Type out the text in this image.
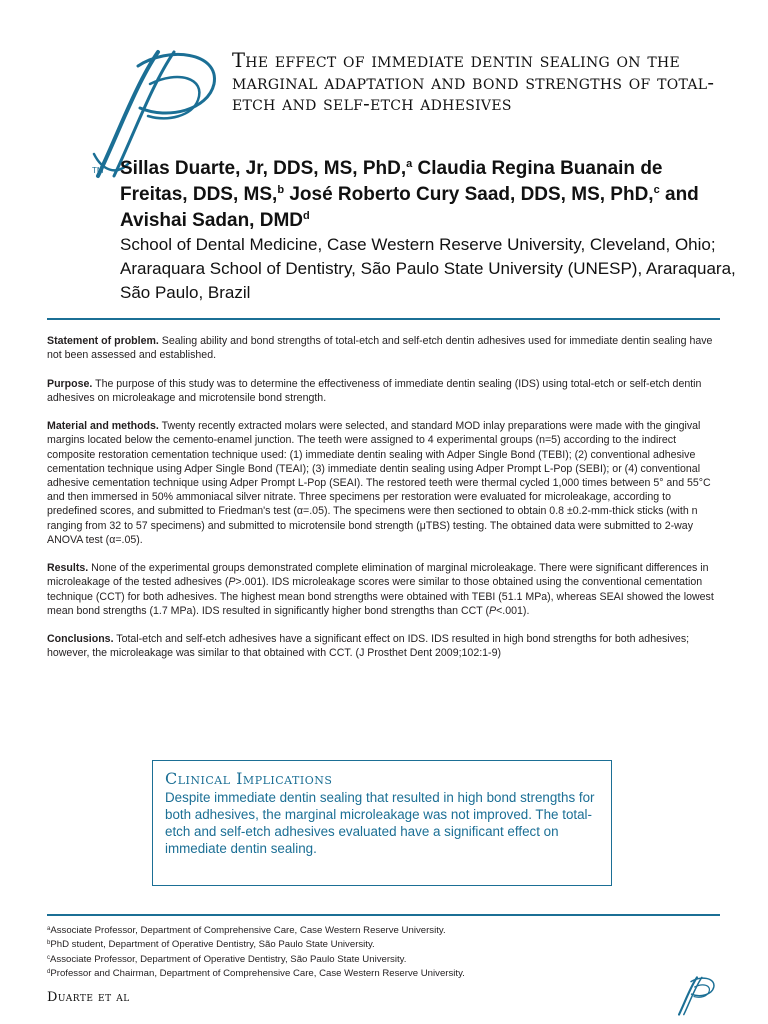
TM
The effect of immediate dentin sealing on the marginal adaptation and bond strengths of total-etch and self-etch adhesives
Sillas Duarte, Jr, DDS, MS, PhD,$^a$ Claudia Regina Buanain de Freitas, DDS, MS,$^b$ José Roberto Cury Saad, DDS, MS, PhD,$^c$ and Avishai Sadan, DMD$^d$
School of Dental Medicine, Case Western Reserve University, Cleveland, Ohio; Araraquara School of Dentistry, São Paulo State University (UNESP), Araraquara, São Paulo, Brazil

Statement of problem. Sealing ability and bond strengths of total-etch and self-etch dentin adhesives used for immediate dentin sealing have not been assessed and established.

Purpose. The purpose of this study was to determine the effectiveness of immediate dentin sealing (IDS) using total-etch or self-etch dentin adhesives on microleakage and microtensile bond strength.

Material and methods. Twenty recently extracted molars were selected, and standard MOD inlay preparations were made with the gingival margins located below the cemento-enamel junction. The teeth were assigned to 4 experimental groups (n=5) according to the indirect composite restoration cementation technique used: (1) immediate dentin sealing with Adper Single Bond (TEBI); (2) conventional adhesive cementation technique using Adper Single Bond (TEAI); (3) immediate dentin sealing using Adper Prompt L-Pop (SEBI); or (4) conventional adhesive cementation technique using Adper Prompt L-Pop (SEAI). The restored teeth were thermal cycled 1,000 times between 5° and 55°C and then immersed in 50% ammoniacal silver nitrate. Three specimens per restoration were evaluated for microleakage, according to predefined scores, and submitted to Friedman's test (α=.05). The specimens were then sectioned to obtain 0.8 ±0.2-mm-thick sticks (with n ranging from 32 to 57 specimens) and submitted to microtensile bond strength (μTBS) testing. The obtained data were submitted to 2-way ANOVA test (α=.05).

Results. None of the experimental groups demonstrated complete elimination of marginal microleakage. There were significant differences in microleakage of the tested adhesives (P>.001). IDS microleakage scores were similar to those obtained using the conventional cementation technique (CCT) for both adhesives. The highest mean bond strengths were obtained with TEBI (51.1 MPa), whereas SEAI showed the lowest mean bond strengths (1.7 MPa). IDS resulted in significantly higher bond strengths than CCT (P<.001).

Conclusions. Total-etch and self-etch adhesives have a significant effect on IDS. IDS resulted in high bond strengths for both adhesives; however, the microleakage was similar to that obtained with CCT. (J Prosthet Dent 2009;102:1-9)

Clinical Implications
Despite immediate dentin sealing that resulted in high bond strengths for both adhesives, the marginal microleakage was not improved. The total-etch and self-etch adhesives evaluated have a significant effect on immediate dentin sealing.
$^a$Associate Professor, Department of Comprehensive Care, Case Western Reserve University.
$^b$PhD student, Department of Operative Dentistry, São Paulo State University.
$^c$Associate Professor, Department of Operative Dentistry, São Paulo State University.
$^d$Professor and Chairman, Department of Comprehensive Care, Case Western Reserve University.
Duarte et al
